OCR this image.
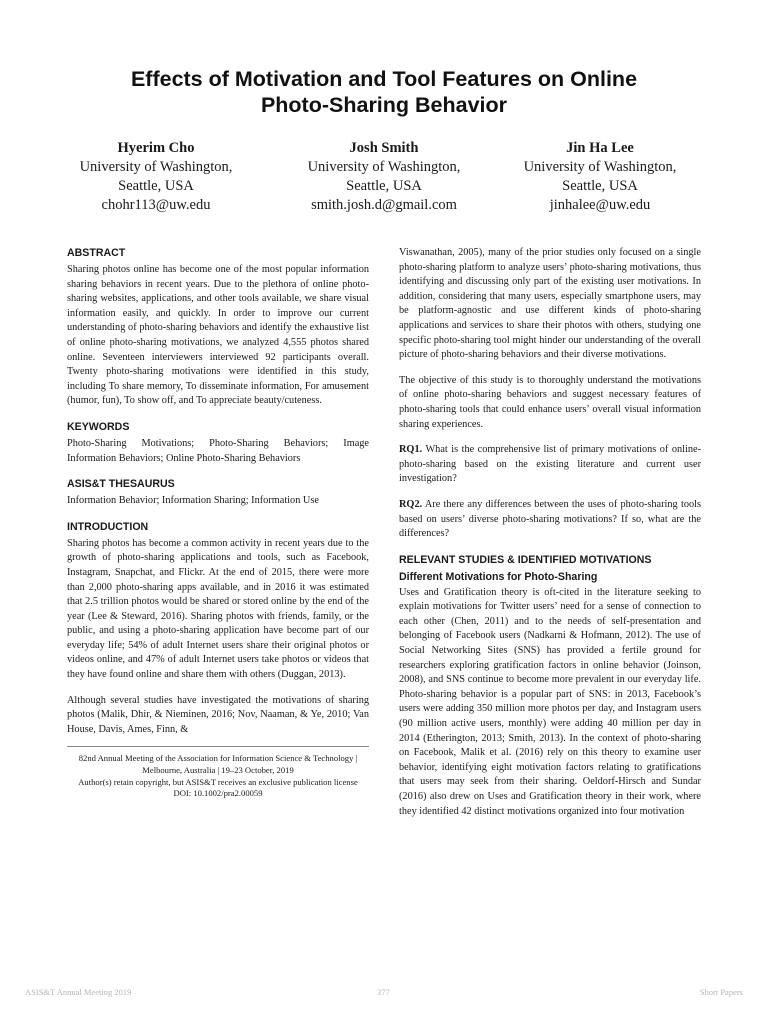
Effects of Motivation and Tool Features on Online
Photo-Sharing Behavior
Hyerim Cho
University of Washington,
Seattle, USA
chohr113@uw.edu
Josh Smith
University of Washington,
Seattle, USA
smith.josh.d@gmail.com
Jin Ha Lee
University of Washington,
Seattle, USA
jinhalee@uw.edu
ABSTRACT

Sharing photos online has become one of the most popular information sharing behaviors in recent years. Due to the plethora of online photo-sharing websites, applications, and other tools available, we share visual information easily, and quickly. In order to improve our current understanding of photo-sharing behaviors and identify the exhaustive list of online photo-sharing motivations, we analyzed 4,555 photos shared online. Seventeen interviewers interviewed 92 participants overall. Twenty photo-sharing motivations were identified in this study, including To share memory, To disseminate information, For amusement (humor, fun), To show off, and To appreciate beauty/cuteness.

KEYWORDS

Photo-Sharing Motivations; Photo-Sharing Behaviors; Image Information Behaviors; Online Photo-Sharing Behaviors

ASIS&T THESAURUS

Information Behavior; Information Sharing; Information Use

INTRODUCTION

Sharing photos has become a common activity in recent years due to the growth of photo-sharing applications and tools, such as Facebook, Instagram, Snapchat, and Flickr. At the end of 2015, there were more than 2,000 photo-sharing apps available, and in 2016 it was estimated that 2.5 trillion photos would be shared or stored online by the end of the year (Lee & Steward, 2016). Sharing photos with friends, family, or the public, and using a photo-sharing application have become part of our everyday life; 54% of adult Internet users share their original photos or videos online, and 47% of adult Internet users take photos or videos that they have found online and share them with others (Duggan, 2013).

Although several studies have investigated the motivations of sharing photos (Malik, Dhir, & Nieminen, 2016; Nov, Naaman, & Ye, 2010; Van House, Davis, Ames, Finn, &

82nd Annual Meeting of the Association for Information Science & Technology | Melbourne, Australia | 19–23 October, 2019
Author(s) retain copyright, but ASIS&T receives an exclusive publication license
DOI: 10.1002/pra2.00059

Viswanathan, 2005), many of the prior studies only focused on a single photo-sharing platform to analyze users’ photo-sharing motivations, thus identifying and discussing only part of the existing user motivations. In addition, considering that many users, especially smartphone users, may be platform-agnostic and use different kinds of photo-sharing applications and services to share their photos with others, studying one specific photo-sharing tool might hinder our understanding of the overall picture of photo-sharing behaviors and their diverse motivations.

The objective of this study is to thoroughly understand the motivations of online photo-sharing behaviors and suggest necessary features of photo-sharing tools that could enhance users’ overall visual information sharing experiences.

RQ1. What is the comprehensive list of primary motivations of online-photo-sharing based on the existing literature and current user investigation?

RQ2. Are there any differences between the uses of photo-sharing tools based on users’ diverse photo-sharing motivations? If so, what are the differences?

RELEVANT STUDIES & IDENTIFIED MOTIVATIONS
Different Motivations for Photo-Sharing

Uses and Gratification theory is oft-cited in the literature seeking to explain motivations for Twitter users’ need for a sense of connection to each other (Chen, 2011) and to the needs of self-presentation and belonging of Facebook users (Nadkarni & Hofmann, 2012). The use of Social Networking Sites (SNS) has provided a fertile ground for researchers exploring gratification factors in online behavior (Joinson, 2008), and SNS continue to become more prevalent in our everyday life. Photo-sharing behavior is a popular part of SNS: in 2013, Facebook’s users were adding 350 million more photos per day, and Instagram users (90 million active users, monthly) were adding 40 million per day in 2014 (Etherington, 2013; Smith, 2013). In the context of photo-sharing on Facebook, Malik et al. (2016) rely on this theory to examine user behavior, identifying eight motivation factors relating to gratifications that users may seek from their sharing. Oeldorf-Hirsch and Sundar (2016) also drew on Uses and Gratification theory in their work, where they identified 42 distinct motivations organized into four motivation

ASIS&T Annual Meeting 2019	377	Short Papers
